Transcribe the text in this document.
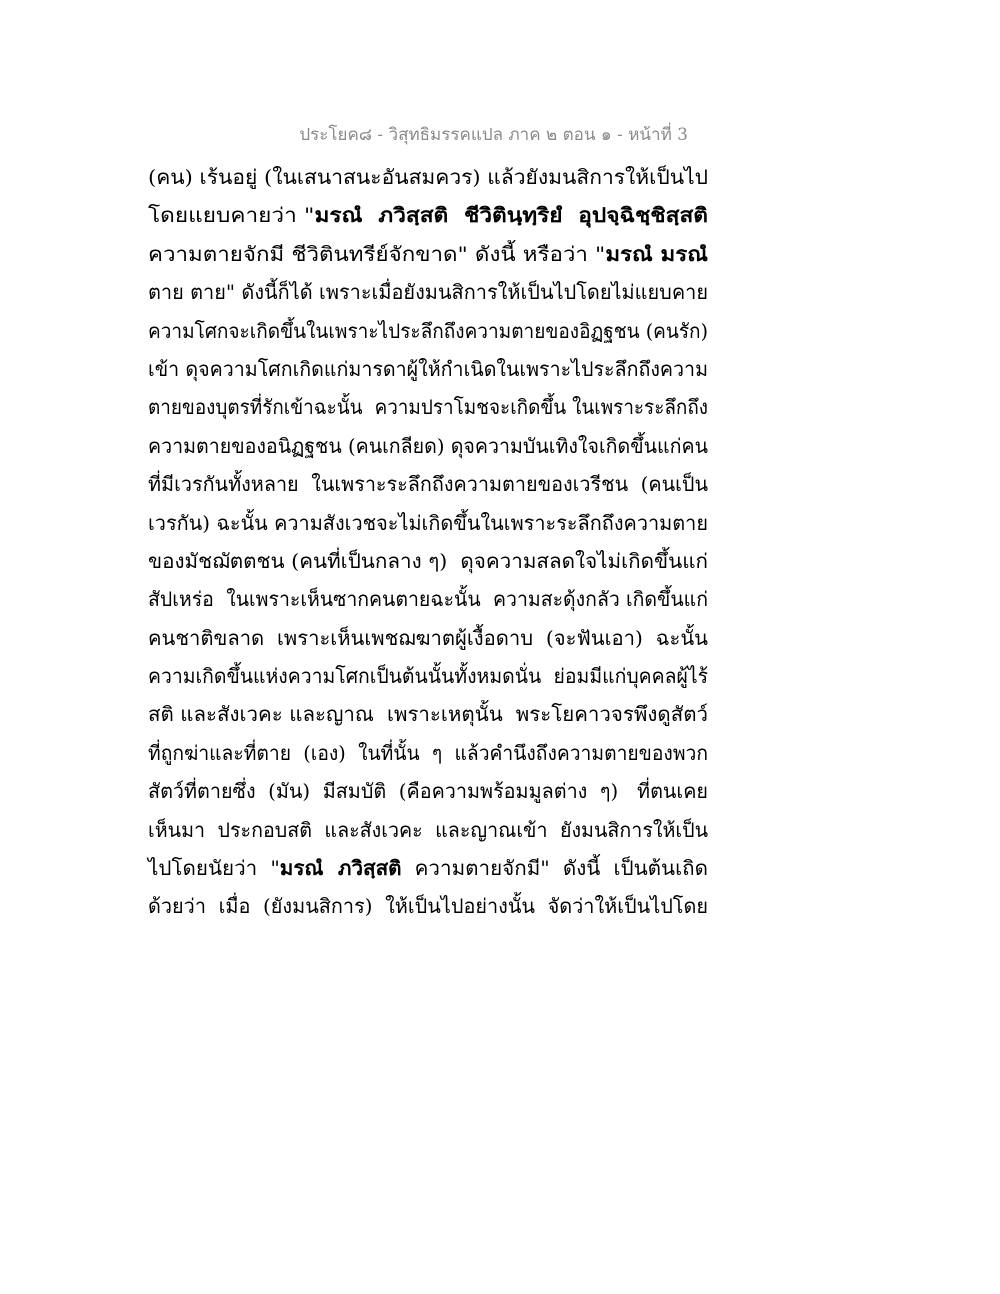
ประโยค๘ - วิสุทธิมรรคแปล ภาค ๒ ตอน ๑ - หน้าที่ 3
(คน) เร้นอยู่ (ในเสนาสนะอันสมควร) แล้วยังมนสิการให้เป็นไป
โดยแยบคายว่า "มรณํ  ภวิสฺสติ  ชีวิตินฺทฺริยํ  อุปจฺฉิชฺชิสฺสติ
ความตายจักมี ชีวิตินทรีย์จักขาด" ดังนี้ หรือว่า "มรณํ มรณํ
ตาย ตาย" ดังนี้ก็ได้ เพราะเมื่อยังมนสิการให้เป็นไปโดยไม่แยบคาย
ความโศกจะเกิดขึ้นในเพราะไประลึกถึงความตายของอิฏฐชน (คนรัก)
เข้า ดุจความโศกเกิดแก่มารดาผู้ให้กำเนิดในเพราะไประลึกถึงความ
ตายของบุตรที่รักเข้าฉะนั้น  ความปราโมชจะเกิดขึ้น ในเพราะระลึกถึง
ความตายของอนิฏฐชน (คนเกลียด) ดุจความบันเทิงใจเกิดขึ้นแก่คน
ที่มีเวรกันทั้งหลาย  ในเพราะระลึกถึงความตายของเวรีชน  (คนเป็น
เวรกัน) ฉะนั้น ความสังเวชจะไม่เกิดขึ้นในเพราะระลึกถึงความตาย
ของมัชฌัตตชน (คนที่เป็นกลาง ๆ)  ดุจความสลดใจไม่เกิดขึ้นแก่
สัปเหร่อ  ในเพราะเห็นซากคนตายฉะนั้น  ความสะดุ้งกลัว เกิดขึ้นแก่
คนชาติขลาด  เพราะเห็นเพชฌฆาตผู้เงื้อดาบ  (จะฟันเอา)  ฉะนั้น
ความเกิดขึ้นแห่งความโศกเป็นต้นนั้นทั้งหมดนั่น  ย่อมมีแก่บุคคลผู้ไร้
สติ และสังเวคะ และญาณ  เพราะเหตุนั้น  พระโยคาวจรพึงดูสัตว์
ที่ถูกฆ่าและที่ตาย  (เอง)  ในที่นั้น  ๆ  แล้วคำนึงถึงความตายของพวก
สัตว์ที่ตายซึ่ง  (มัน)  มีสมบัติ  (คือความพร้อมมูลต่าง  ๆ)   ที่ตนเคย
เห็นมา  ประกอบสติ  และสังเวคะ  และญาณเข้า  ยังมนสิการให้เป็น
ไปโดยนัยว่า  "มรณํ  ภวิสฺสติ  ความตายจักมี"  ดังนี้  เป็นต้นเถิด
ด้วยว่า  เมื่อ  (ยังมนสิการ)  ให้เป็นไปอย่างนั้น  จัดว่าให้เป็นไปโดย
